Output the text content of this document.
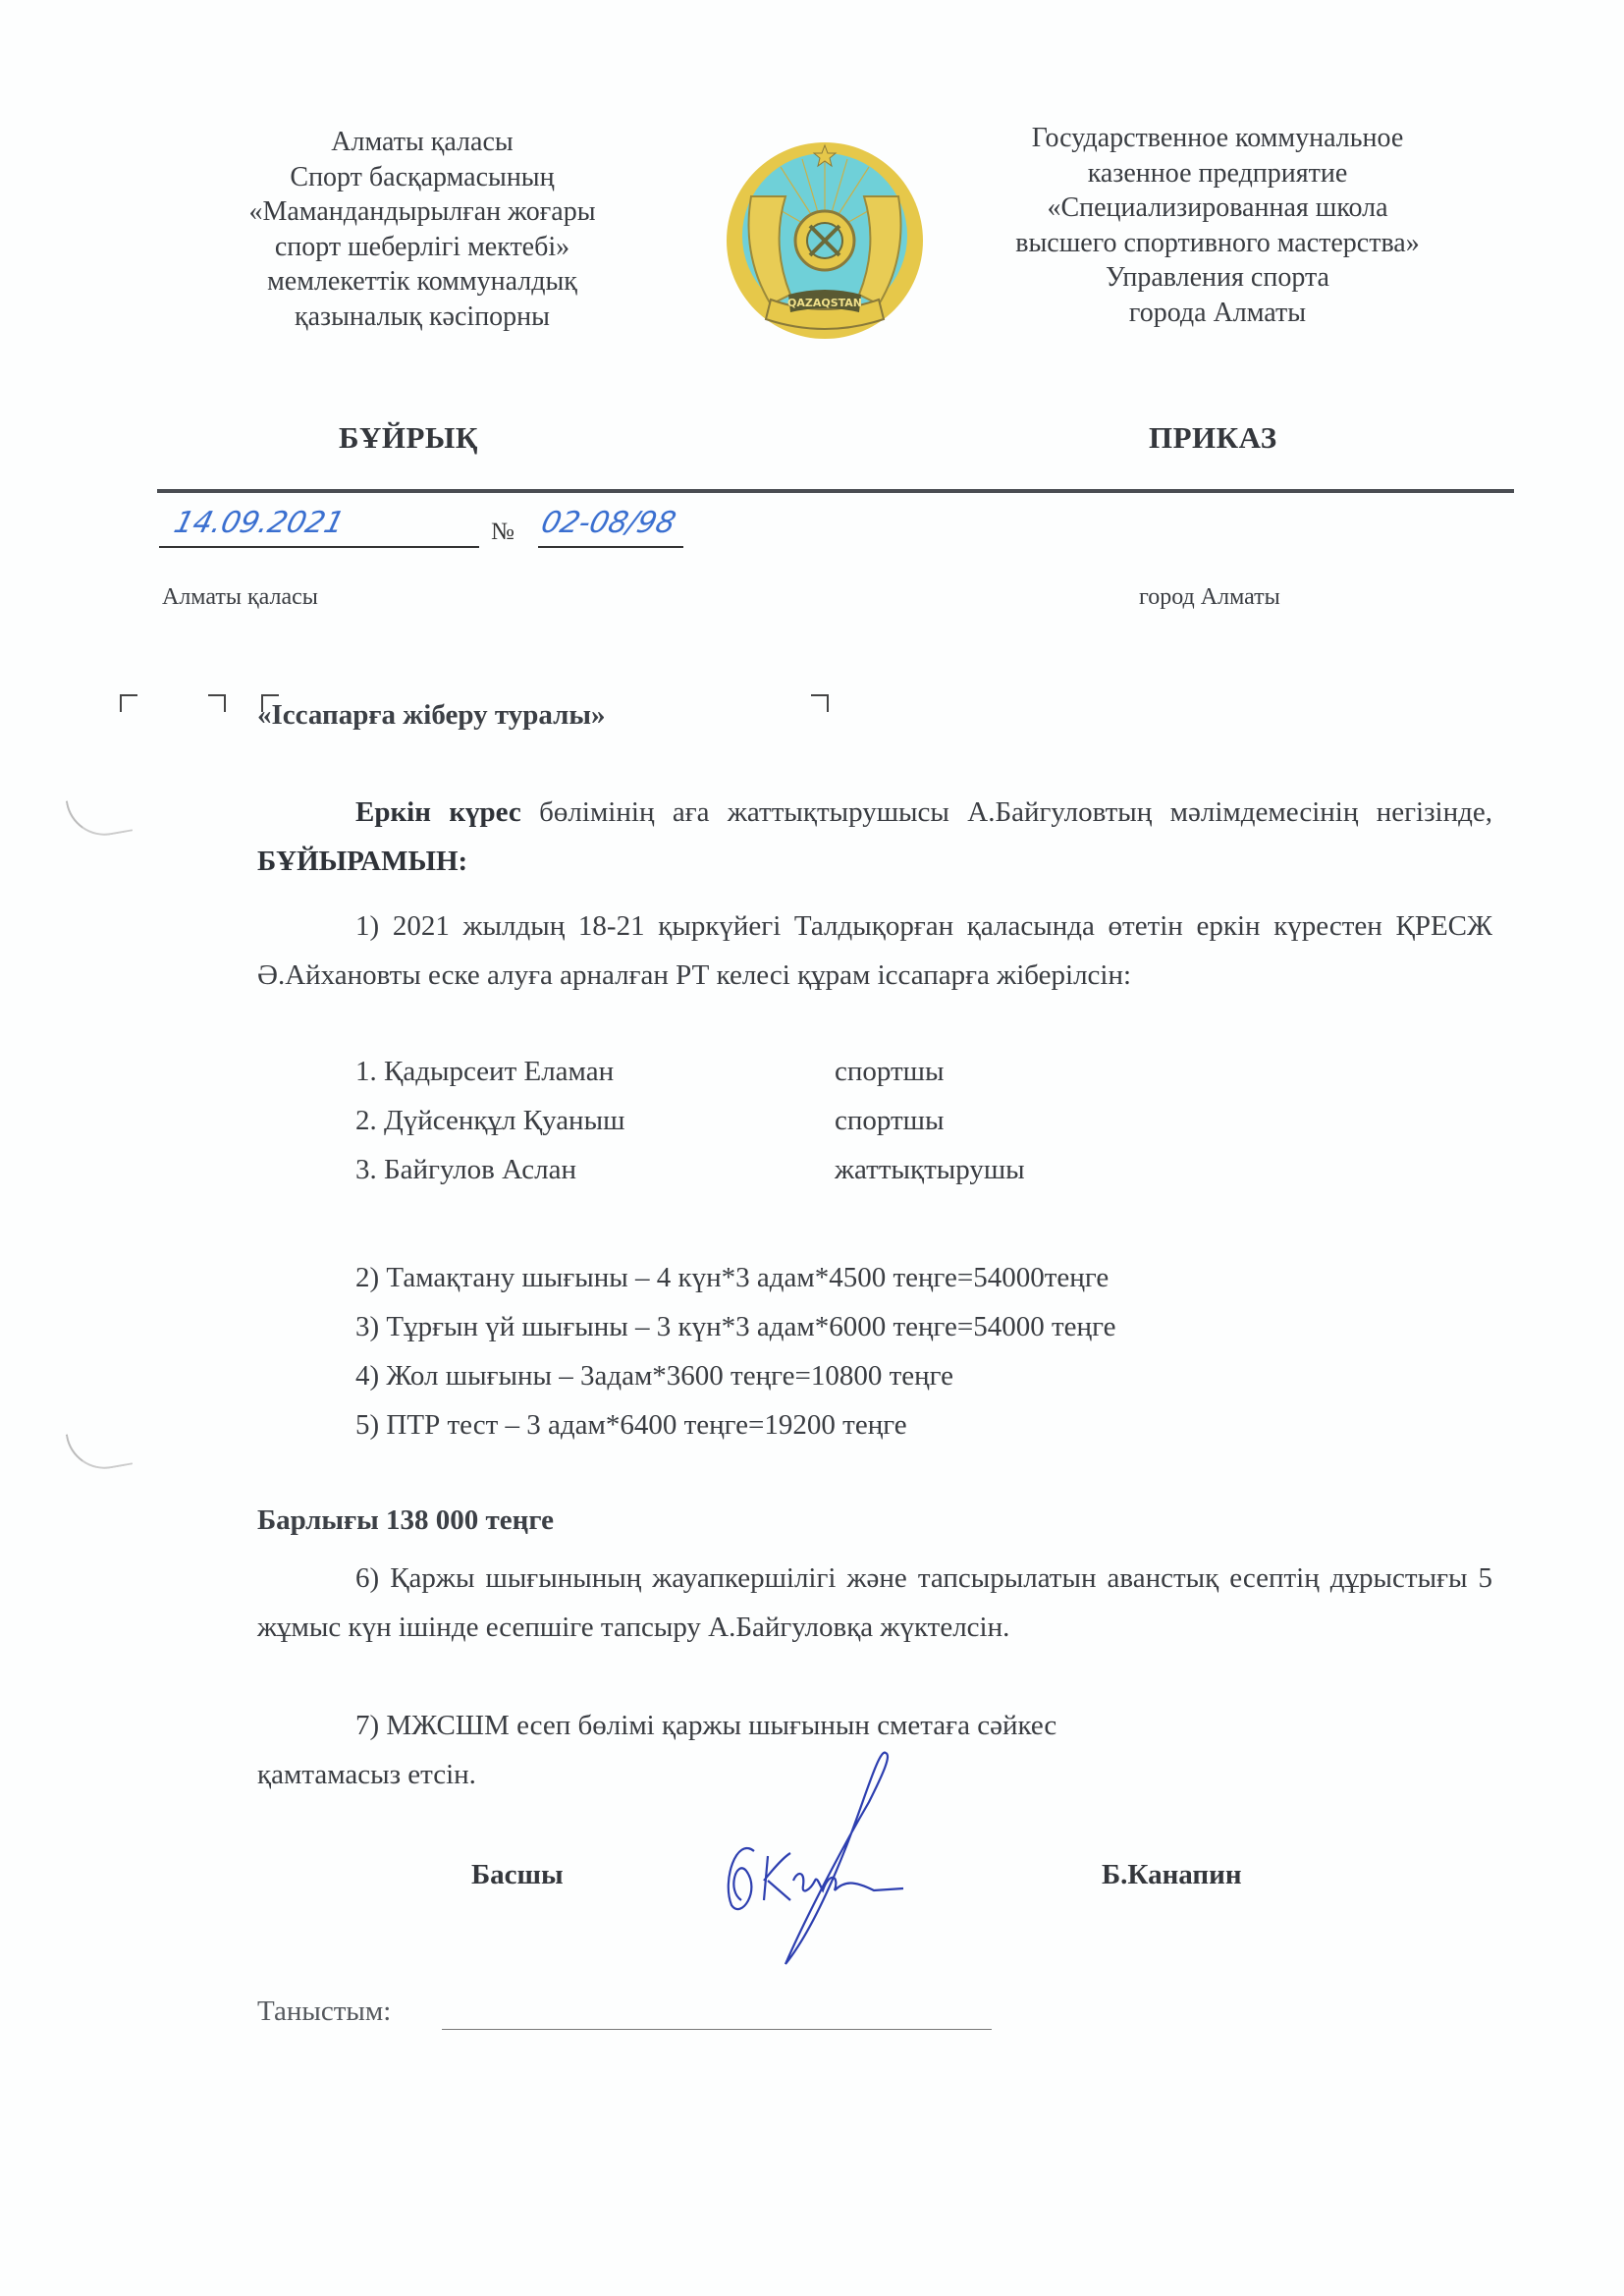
Алматы қаласы
Спорт басқармасының
«Мамандандырылған жоғары
спорт шеберлігі мектебі»
мемлекеттік коммуналдық
қазыналық кәсіпорны	QAZAQSTAN
Государственное коммунальное
казенное предприятие
«Специализированная школа
высшего спортивного мастерства»
Управления спорта
города Алматы
БҰЙРЫҚ	ПРИКАЗ
14.09.2021	№ 02-08/98
Алматы қаласы	город Алматы
«Іссапарға жіберу туралы»
Еркін күрес бөлімінің аға жаттықтырушысы А.Байгуловтың мәлімдемесінің негізінде, БҰЙЫРАМЫН:
1) 2021 жылдың 18-21 қыркүйегі Талдықорған қаласында өтетін еркін күрестен ҚРЕСЖ Ә.Айхановты еске алуға арналған РТ келесі құрам іссапарға жіберілсін:
1. Қадырсеит Еламан	спортшы
2. Дүйсенқұл Қуаныш	спортшы
3. Байгулов Аслан	жаттықтырушы
2) Тамақтану шығыны – 4 күн*3 адам*4500 теңге=54000теңге
3) Тұрғын үй шығыны – 3 күн*3 адам*6000 теңге=54000 теңге
4) Жол шығыны – 3адам*3600 теңге=10800 теңге
5) ПТР тест – 3 адам*6400 теңге=19200 теңге
Барлығы 138 000 теңге
6) Қаржы шығынының жауапкершілігі және тапсырылатын аванстық есептің дұрыстығы 5 жұмыс күн ішінде есепшіге тапсыру А.Байгуловқа жүктелсін.
7) МЖСШМ есеп бөлімі қаржы шығынын сметаға сәйкес
қамтамасыз етсін.
Басшы	Б.Канапин
Таныстым:
